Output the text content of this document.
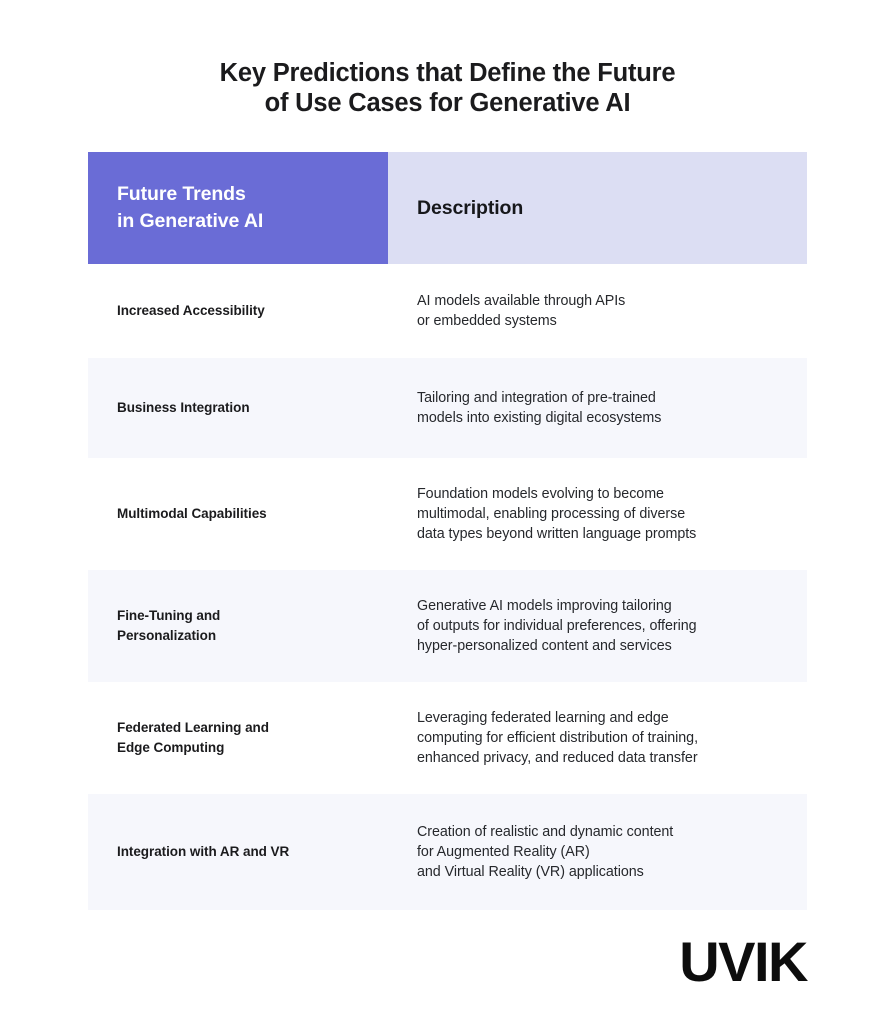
Key Predictions that Define the Future
of Use Cases for Generative AI
Future Trends
in Generative AI
Description
Increased Accessibility
AI models available through APIs
or embedded systems
Business Integration
Tailoring and integration of pre-trained
models into existing digital ecosystems
Multimodal Capabilities
Foundation models evolving to become
multimodal, enabling processing of diverse
data types beyond written language prompts
Fine-Tuning and
Personalization
Generative AI models improving tailoring
of outputs for individual preferences, offering
hyper-personalized content and services
Federated Learning and
Edge Computing
Leveraging federated learning and edge
computing for efficient distribution of training,
enhanced privacy, and reduced data transfer
Integration with AR and VR
Creation of realistic and dynamic content
for Augmented Reality (AR)
and Virtual Reality (VR) applications
UVIK
